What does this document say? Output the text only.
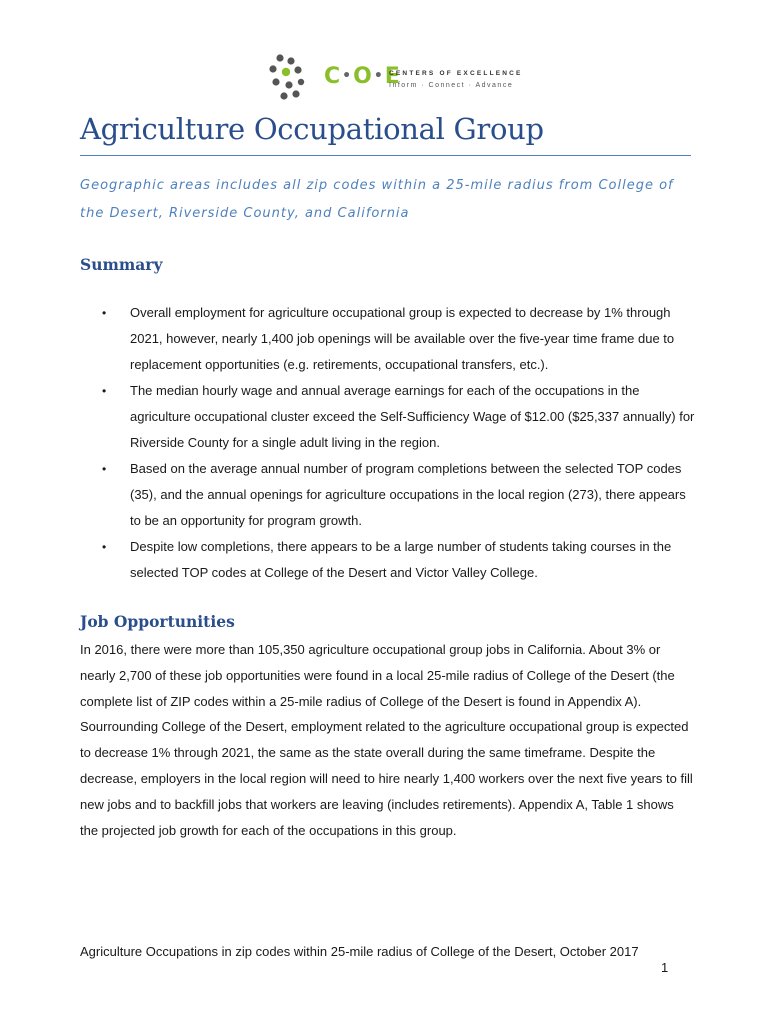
C•O•E
CENTERS OF EXCELLENCE
Inform · Connect · Advance
Agriculture Occupational Group
Geographic areas includes all zip codes within a 25-mile radius from College of the Desert, Riverside County, and California
Summary
• Overall employment for agriculture occupational group is expected to decrease by 1% through 2021, however, nearly 1,400 job openings will be available over the five-year time frame due to replacement opportunities (e.g. retirements, occupational transfers, etc.).
• The median hourly wage and annual average earnings for each of the occupations in the agriculture occupational cluster exceed the Self-Sufficiency Wage of $12.00 ($25,337 annually) for Riverside County for a single adult living in the region.
• Based on the average annual number of program completions between the selected TOP codes (35), and the annual openings for agriculture occupations in the local region (273), there appears to be an opportunity for program growth.
• Despite low completions, there appears to be a large number of students taking courses in the selected TOP codes at College of the Desert and Victor Valley College.
Job Opportunities

In 2016, there were more than 105,350 agriculture occupational group jobs in California. About 3% or nearly 2,700 of these job opportunities were found in a local 25-mile radius of College of the Desert (the complete list of ZIP codes within a 25-mile radius of College of the Desert is found in Appendix A). Sourrounding College of the Desert, employment related to the agriculture occupational group is expected to decrease 1% through 2021, the same as the state overall during the same timeframe. Despite the decrease, employers in the local region will need to hire nearly 1,400 workers over the next five years to fill new jobs and to backfill jobs that workers are leaving (includes retirements). Appendix A, Table 1 shows the projected job growth for each of the occupations in this group.

Agriculture Occupations in zip codes within 25-mile radius of College of the Desert, October 2017
1
